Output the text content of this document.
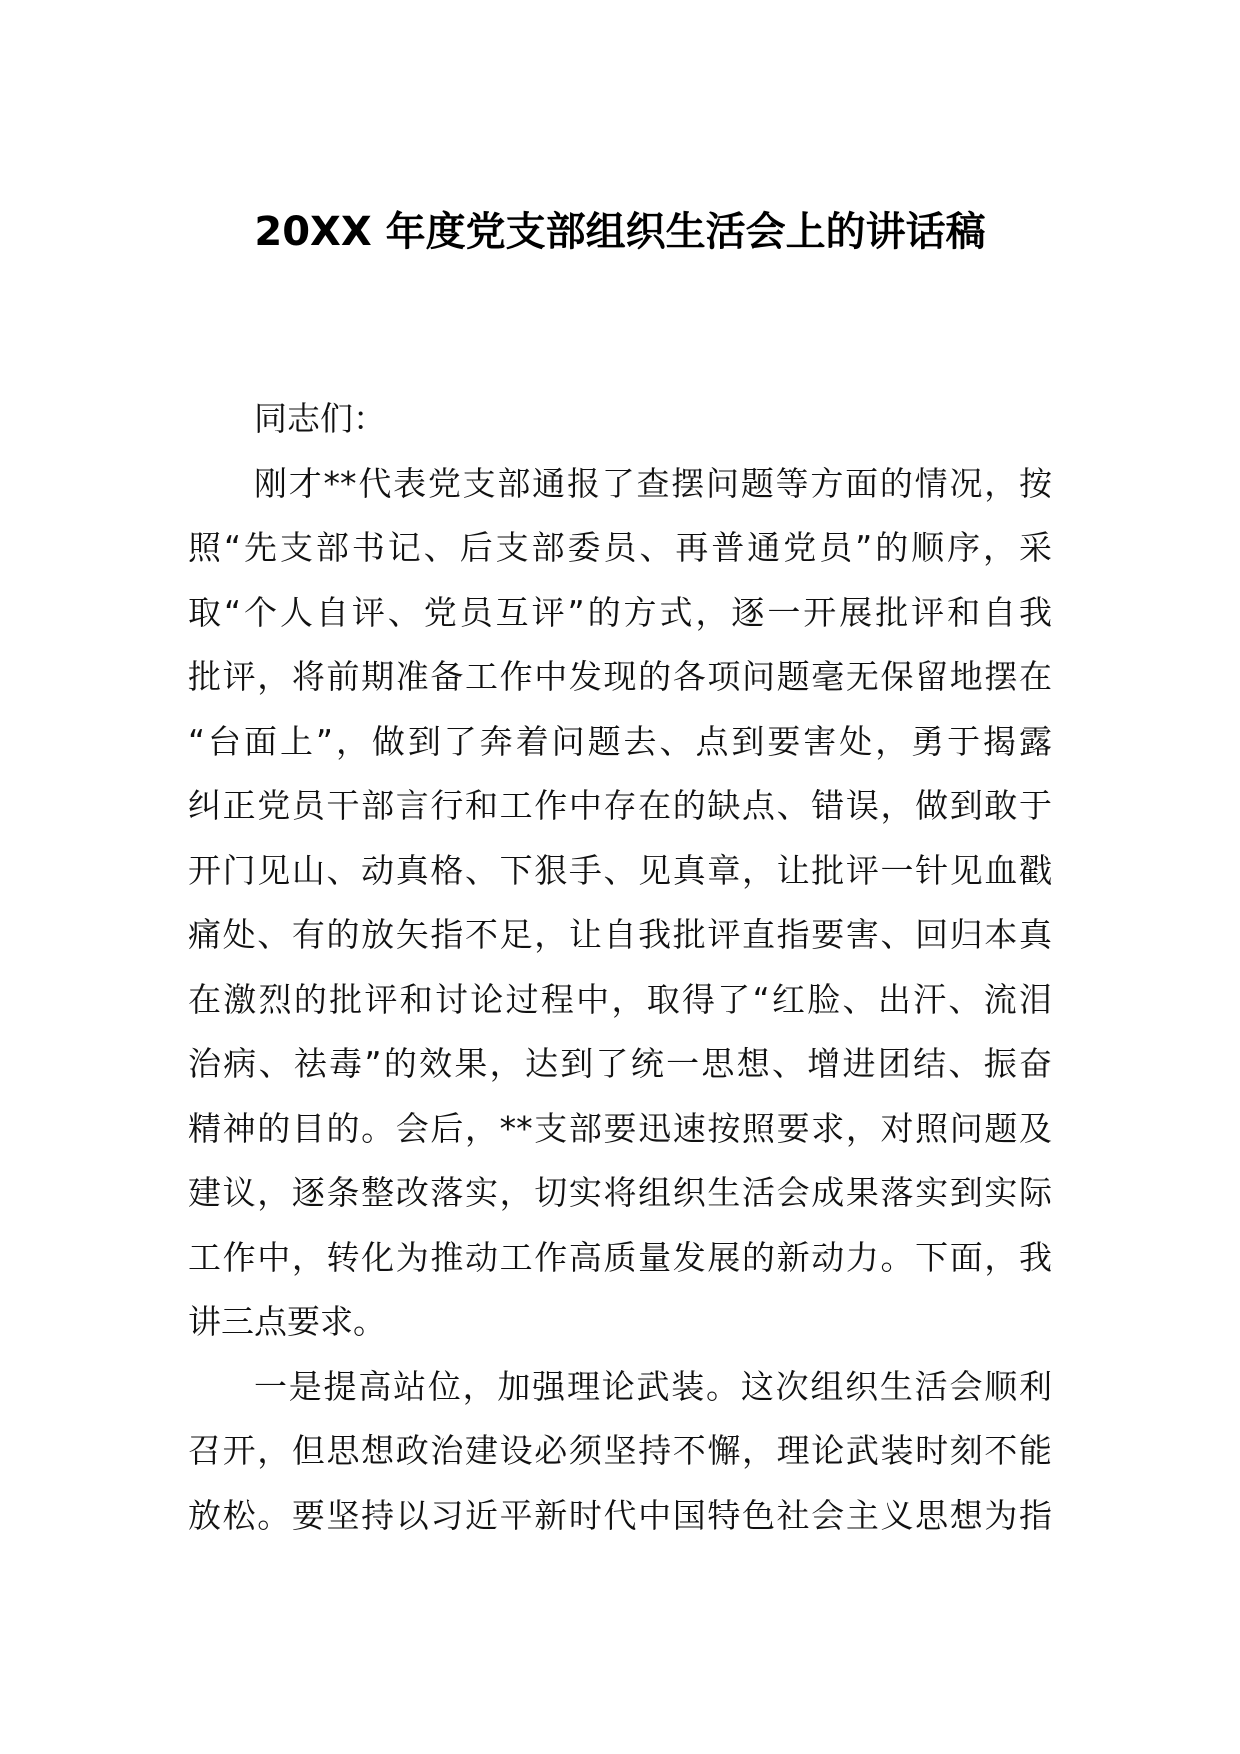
20XX 年度党支部组织生活会上的讲话稿
同志们：
刚才**代表党支部通报了查摆问题等方面的情况，按
照“先支部书记、后支部委员、再普通党员”的顺序，采
取“个人自评、党员互评”的方式，逐一开展批评和自我
批评，将前期准备工作中发现的各项问题毫无保留地摆在
“台面上”，做到了奔着问题去、点到要害处，勇于揭露
纠正党员干部言行和工作中存在的缺点、错误，做到敢于
开门见山、动真格、下狠手、见真章，让批评一针见血戳
痛处、有的放矢指不足，让自我批评直指要害、回归本真
在激烈的批评和讨论过程中，取得了“红脸、出汗、流泪
治病、祛毒”的效果，达到了统一思想、增进团结、振奋
精神的目的。会后，**支部要迅速按照要求，对照问题及
建议，逐条整改落实，切实将组织生活会成果落实到实际
工作中，转化为推动工作高质量发展的新动力。下面，我
讲三点要求。
一是提高站位，加强理论武装。这次组织生活会顺利
召开，但思想政治建设必须坚持不懈，理论武装时刻不能
放松。要坚持以习近平新时代中国特色社会主义思想为指
